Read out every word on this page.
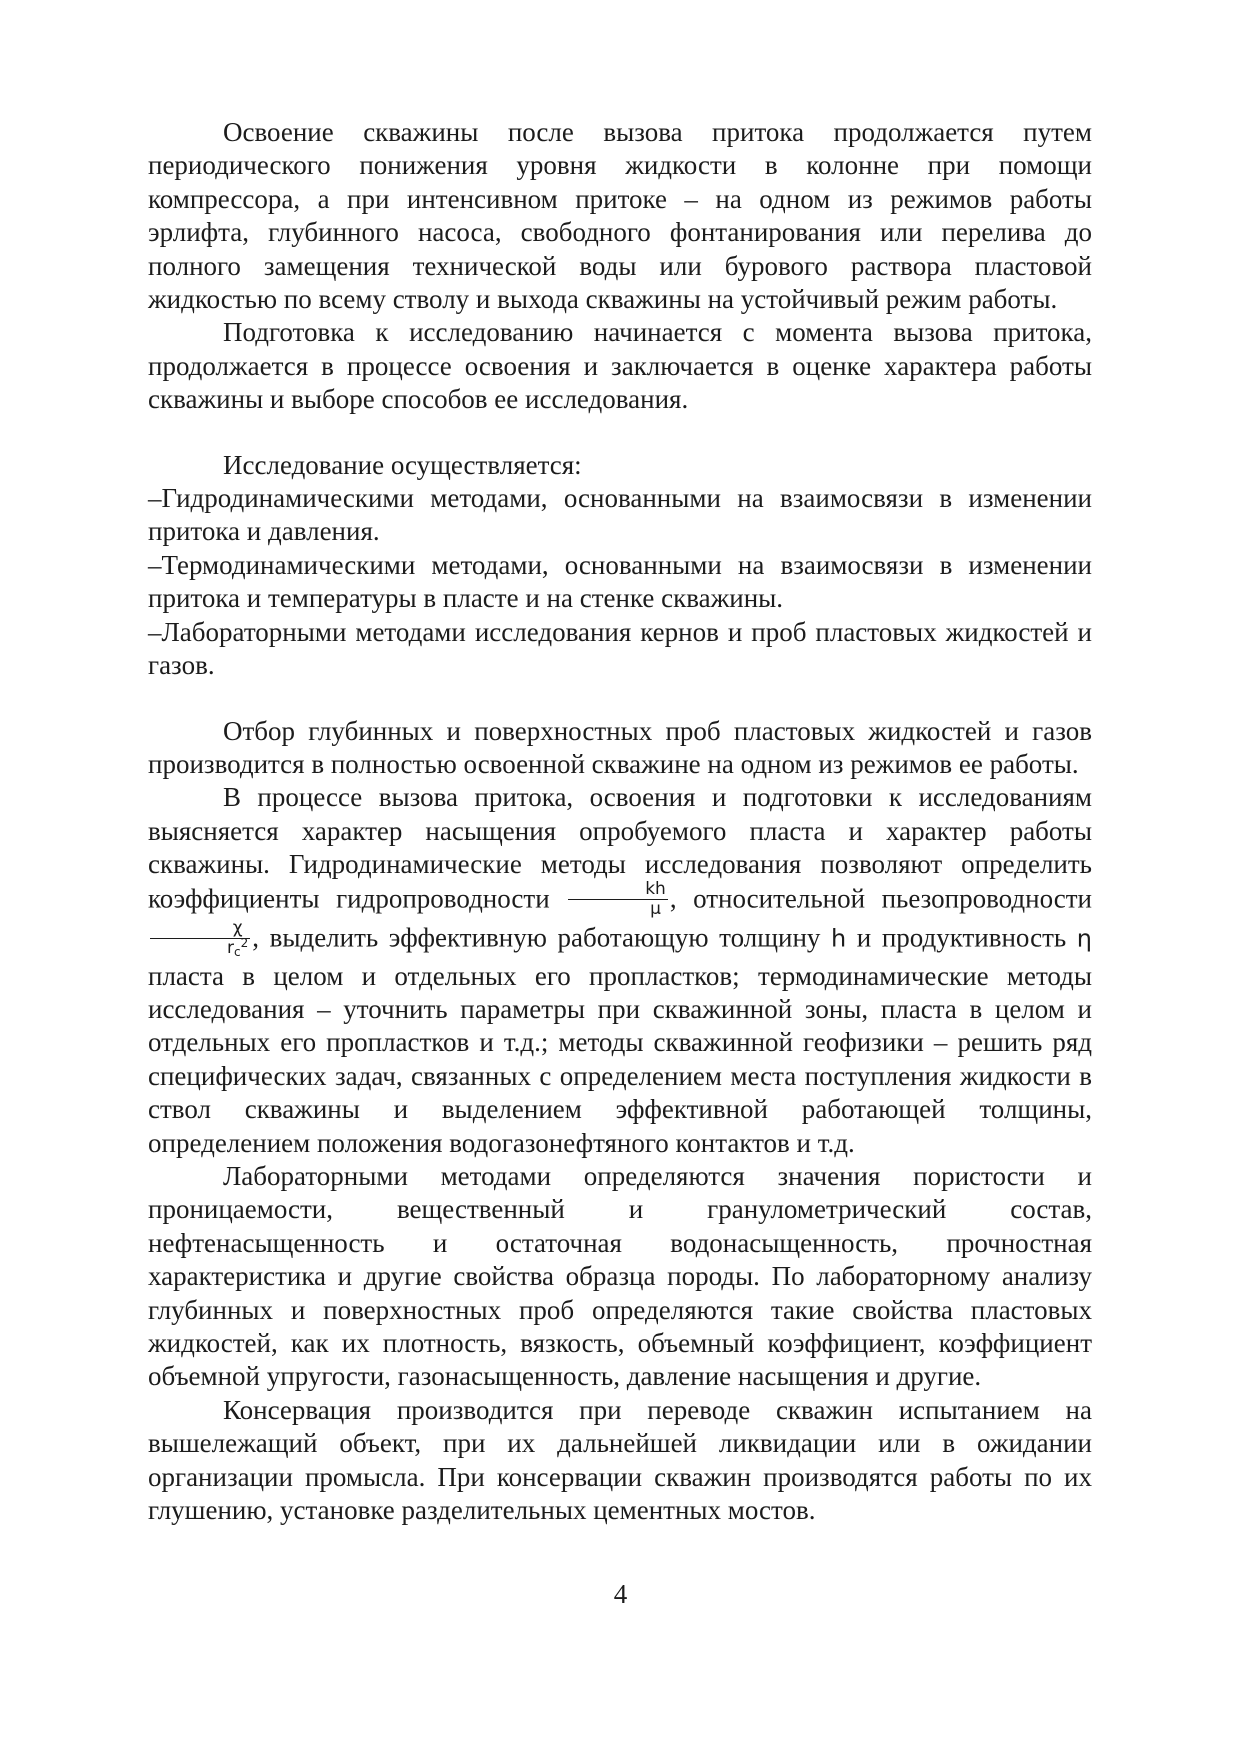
Освоение скважины после вызова притока продолжается путем периодического понижения уровня жидкости в колонне при помощи компрессора, а при интенсивном притоке – на одном из режимов работы эрлифта, глубинного насоса, свободного фонтанирования или перелива до полного замещения технической воды или бурового раствора пластовой жидкостью по всему стволу и выхода скважины на устойчивый режим работы.

Подготовка к исследованию начинается с момента вызова притока, продолжается в процессе освоения и заключается в оценке характера работы скважины и выборе способов ее исследования.

Исследование осуществляется:

–Гидродинамическими методами, основанными на взаимосвязи в изменении притока и давления.

–Термодинамическими методами, основанными на взаимосвязи в изменении притока и температуры в пласте и на стенке скважины.

–Лабораторными методами исследования кернов и проб пластовых жидкостей и газов.

Отбор глубинных и поверхностных проб пластовых жидкостей и газов производится в полностью освоенной скважине на одном из режимов ее работы.

В процессе вызова притока, освоения и подготовки к исследованиям выясняется характер насыщения опробуемого пласта и характер работы скважины. Гидродинамические методы исследования позволяют определить коэффициенты гидропроводности $\frac{kh}{\mu}$ , относительной пьезопроводности
$\frac{\chi}{r_c^2}$ , выделить эффективную работающую толщину h и продуктивность η пласта в целом и отдельных его пропластков; термодинамические методы исследования – уточнить параметры при скважинной зоны, пласта в целом и отдельных его пропластков и т.д.; методы скважинной геофизики – решить ряд специфических задач, связанных с определением места поступления жидкости в ствол скважины и выделением эффективной работающей толщины, определением положения водогазонефтяного контактов и т.д.

Лабораторными методами определяются значения пористости и проницаемости, вещественный и гранулометрический состав, нефтенасыщенность и остаточная водонасыщенность, прочностная характеристика и другие свойства образца породы. По лабораторному анализу глубинных и поверхностных проб определяются такие свойства пластовых жидкостей, как их плотность, вязкость, объемный коэффициент, коэффициент объемной упругости, газонасыщенность, давление насыщения и другие.

Консервация производится при переводе скважин испытанием на вышележащий объект, при их дальнейшей ликвидации или в ожидании организации промысла. При консервации скважин производятся работы по их глушению, установке разделительных цементных мостов.

4
